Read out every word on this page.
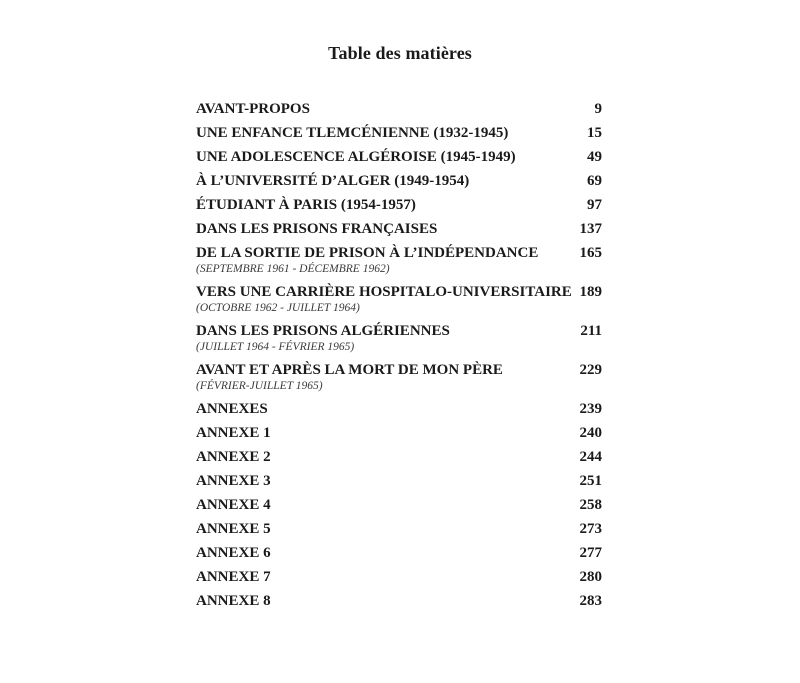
Table des matières
AVANT-PROPOS	9
UNE ENFANCE TLEMCÉNIENNE (1932-1945)	15
UNE ADOLESCENCE ALGÉROISE (1945-1949)	49
À L’UNIVERSITÉ D’ALGER (1949-1954)	69
ÉTUDIANT À PARIS (1954-1957)	97
DANS LES PRISONS FRANÇAISES	137
DE LA SORTIE DE PRISON À L’INDÉPENDANCE	165
(SEPTEMBRE 1961 - DÉCEMBRE 1962)
VERS UNE CARRIÈRE HOSPITALO-UNIVERSITAIRE 189
(OCTOBRE 1962 - JUILLET 1964)
DANS LES PRISONS ALGÉRIENNES	211
(JUILLET 1964 - FÉVRIER 1965)
AVANT ET APRÈS LA MORT DE MON PÈRE	229
(FÉVRIER-JUILLET 1965)
ANNEXES	239
ANNEXE 1	240
ANNEXE 2	244
ANNEXE 3	251
ANNEXE 4	258
ANNEXE 5	273
ANNEXE 6	277
ANNEXE 7	280
ANNEXE 8	283
